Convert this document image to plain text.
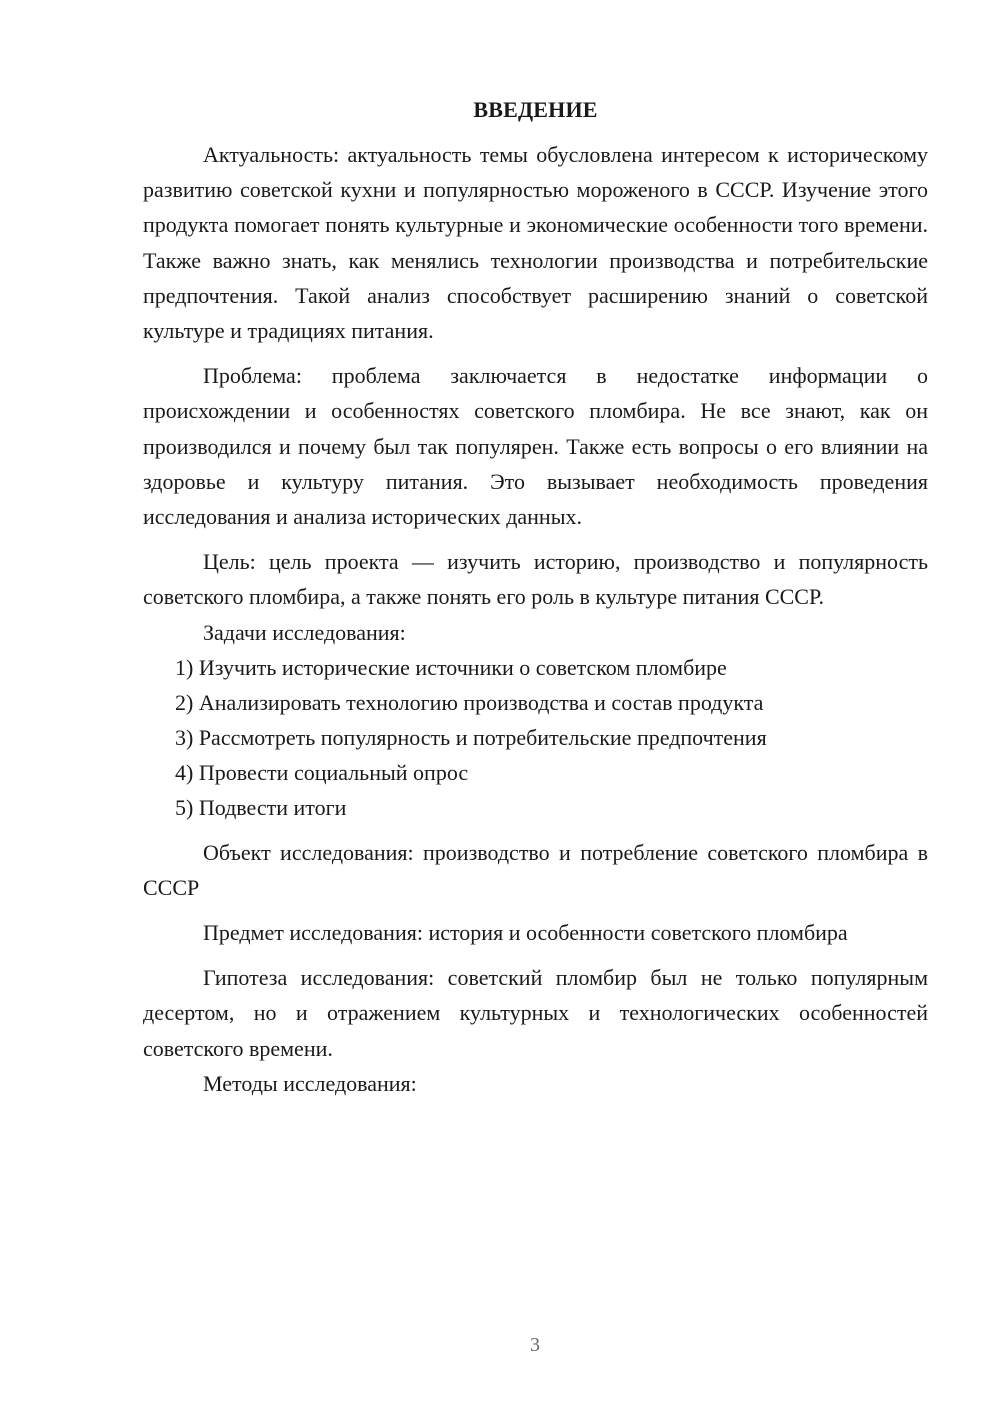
ВВЕДЕНИЕ

Актуальность: актуальность темы обусловлена интересом к историческому развитию советской кухни и популярностью мороженого в СССР. Изучение этого продукта помогает понять культурные и экономические особенности того времени. Также важно знать, как менялись технологии производства и потребительские предпочтения. Такой анализ способствует расширению знаний о советской культуре и традициях питания.

Проблема: проблема заключается в недостатке информации о происхождении и особенностях советского пломбира. Не все знают, как он производился и почему был так популярен. Также есть вопросы о его влиянии на здоровье и культуру питания. Это вызывает необходимость проведения исследования и анализа исторических данных.

Цель: цель проекта — изучить историю, производство и популярность советского пломбира, а также понять его роль в культуре питания СССР.

Задачи исследования:

1) Изучить исторические источники о советском пломбире

2) Анализировать технологию производства и состав продукта

3) Рассмотреть популярность и потребительские предпочтения

4) Провести социальный опрос

5) Подвести итоги

Объект исследования: производство и потребление советского пломбира в СССР

Предмет исследования: история и особенности советского пломбира

Гипотеза исследования: советский пломбир был не только популярным десертом, но и отражением культурных и технологических особенностей советского времени.

Методы исследования:

3
